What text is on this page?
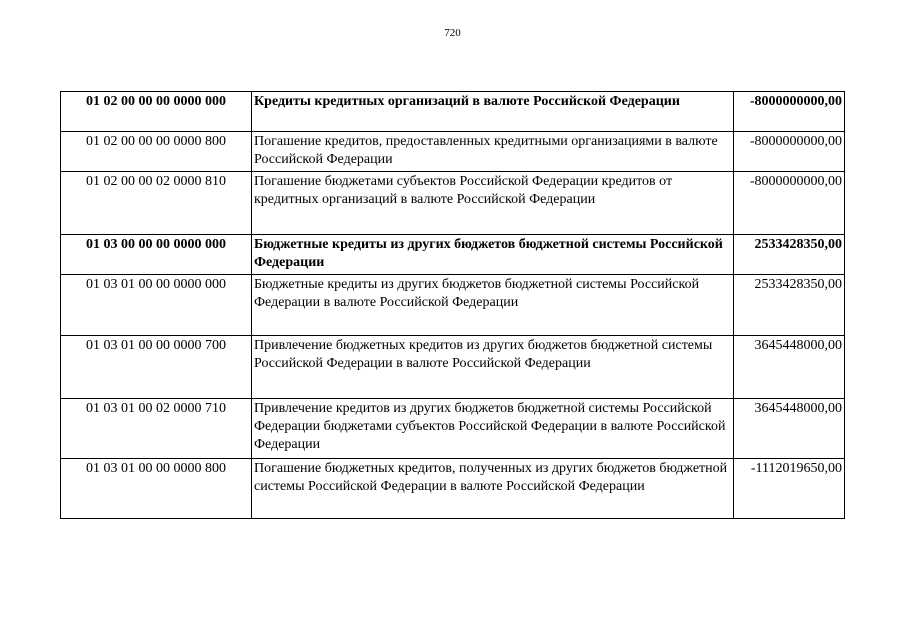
720
01 02 00 00 00 0000 000	Кредиты кредитных организаций в валюте Российской Федерации	-8000000000,00
01 02 00 00 00 0000 800	Погашение кредитов, предоставленных кредитными организациями в валюте Российской Федерации	-8000000000,00
01 02 00 00 02 0000 810	Погашение бюджетами субъектов Российской Федерации кредитов от кредитных организаций в валюте Российской Федерации	-8000000000,00
01 03 00 00 00 0000 000	Бюджетные кредиты из других бюджетов бюджетной системы Российской Федерации	2533428350,00
01 03 01 00 00 0000 000	Бюджетные кредиты из других бюджетов бюджетной системы Российской Федерации в валюте Российской Федерации	2533428350,00
01 03 01 00 00 0000 700	Привлечение бюджетных кредитов из других бюджетов бюджетной системы Российской Федерации в валюте Российской Федерации	3645448000,00
01 03 01 00 02 0000 710	Привлечение кредитов из других бюджетов бюджетной системы Российской Федерации бюджетами субъектов Российской Федерации в валюте Российской Федерации	3645448000,00
01 03 01 00 00 0000 800	Погашение бюджетных кредитов, полученных из других бюджетов бюджетной системы Российской Федерации в валюте Российской Федерации	-1112019650,00
